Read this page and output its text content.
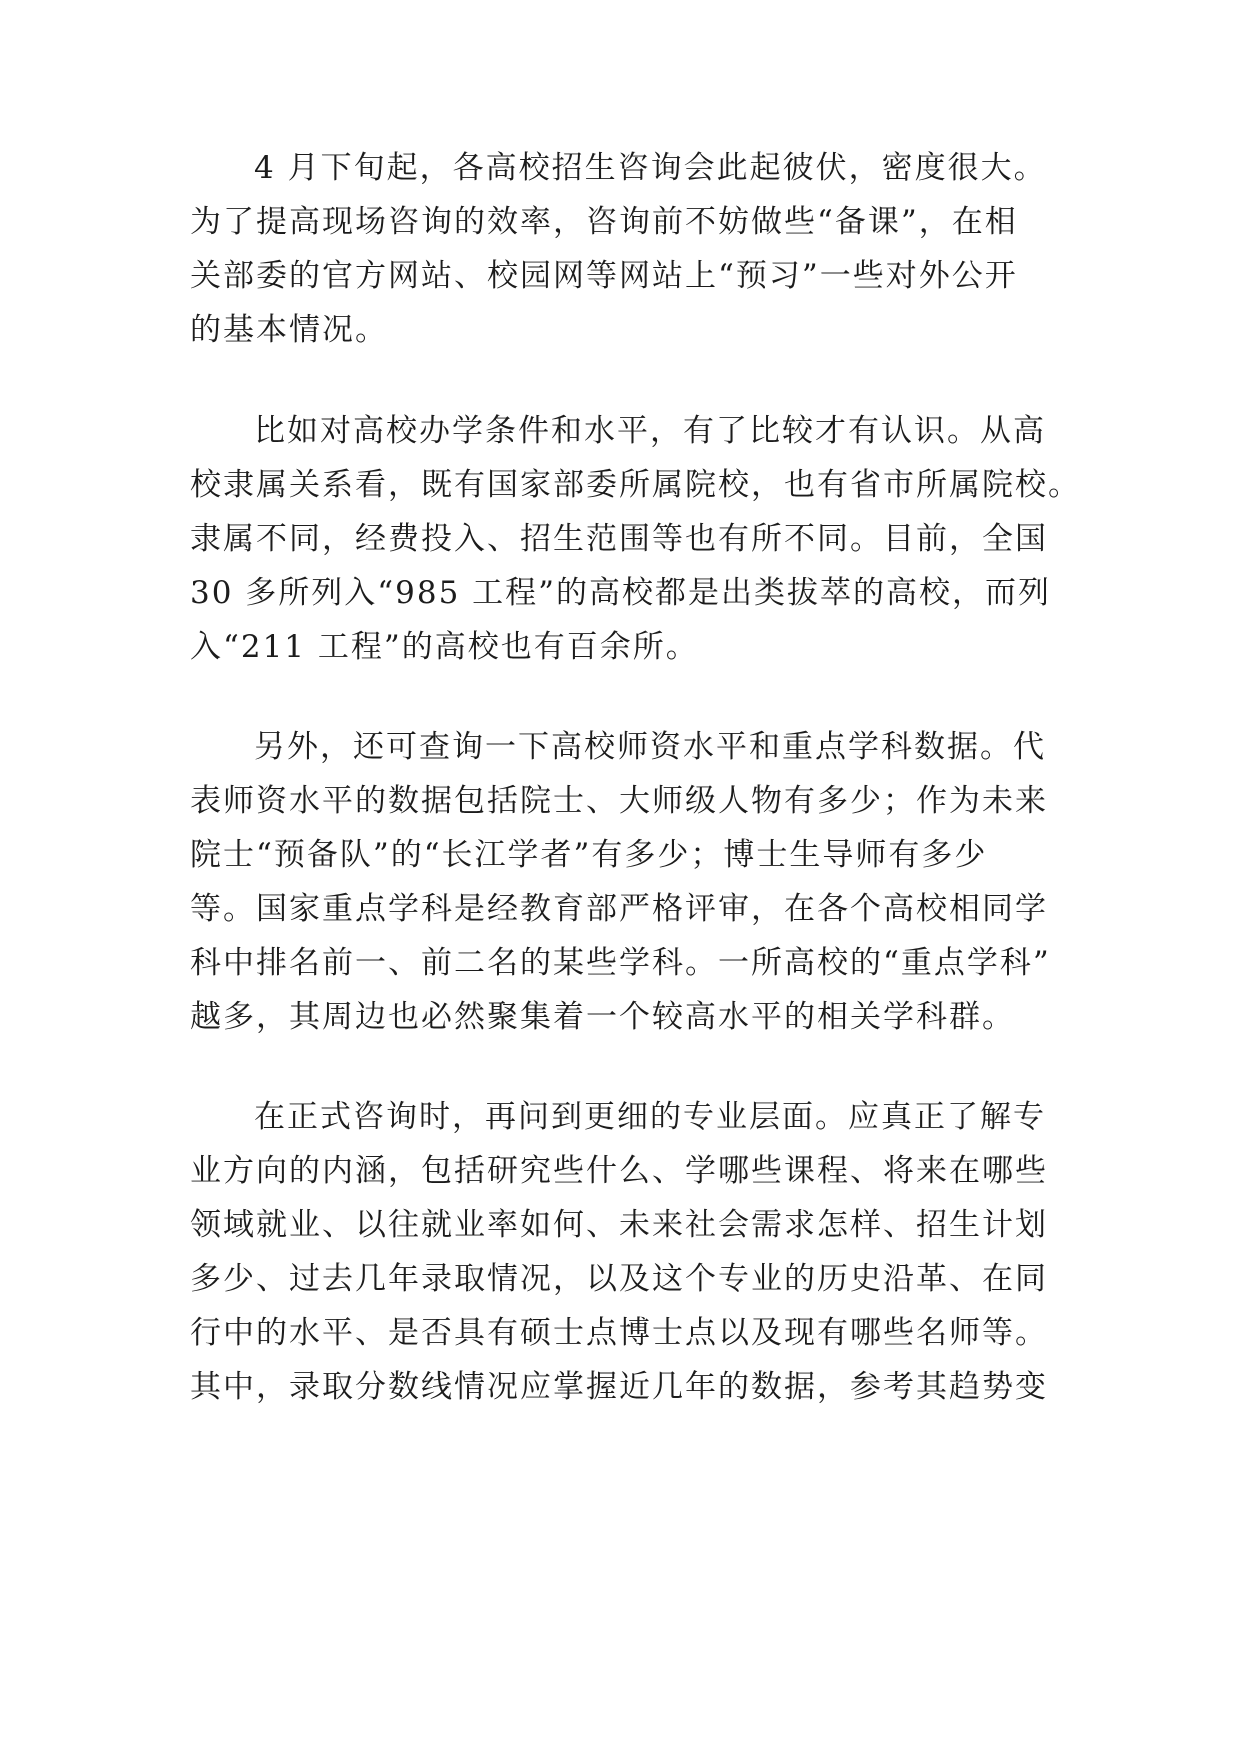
4 月下旬起，各高校招生咨询会此起彼伏，密度很大。

为了提高现场咨询的效率，咨询前不妨做些“备课”，在相

关部委的官方网站、校园网等网站上“预习”一些对外公开

的基本情况。

比如对高校办学条件和水平，有了比较才有认识。从高

校隶属关系看，既有国家部委所属院校，也有省市所属院校。

隶属不同，经费投入、招生范围等也有所不同。目前，全国

30 多所列入“985 工程”的高校都是出类拔萃的高校，而列

入“211 工程”的高校也有百余所。

另外，还可查询一下高校师资水平和重点学科数据。代

表师资水平的数据包括院士、大师级人物有多少；作为未来

院士“预备队”的“长江学者”有多少；博士生导师有多少

等。国家重点学科是经教育部严格评审，在各个高校相同学

科中排名前一、前二名的某些学科。一所高校的“重点学科”

越多，其周边也必然聚集着一个较高水平的相关学科群。

在正式咨询时，再问到更细的专业层面。应真正了解专

业方向的内涵，包括研究些什么、学哪些课程、将来在哪些

领域就业、以往就业率如何、未来社会需求怎样、招生计划

多少、过去几年录取情况，以及这个专业的历史沿革、在同

行中的水平、是否具有硕士点博士点以及现有哪些名师等。

其中，录取分数线情况应掌握近几年的数据，参考其趋势变
